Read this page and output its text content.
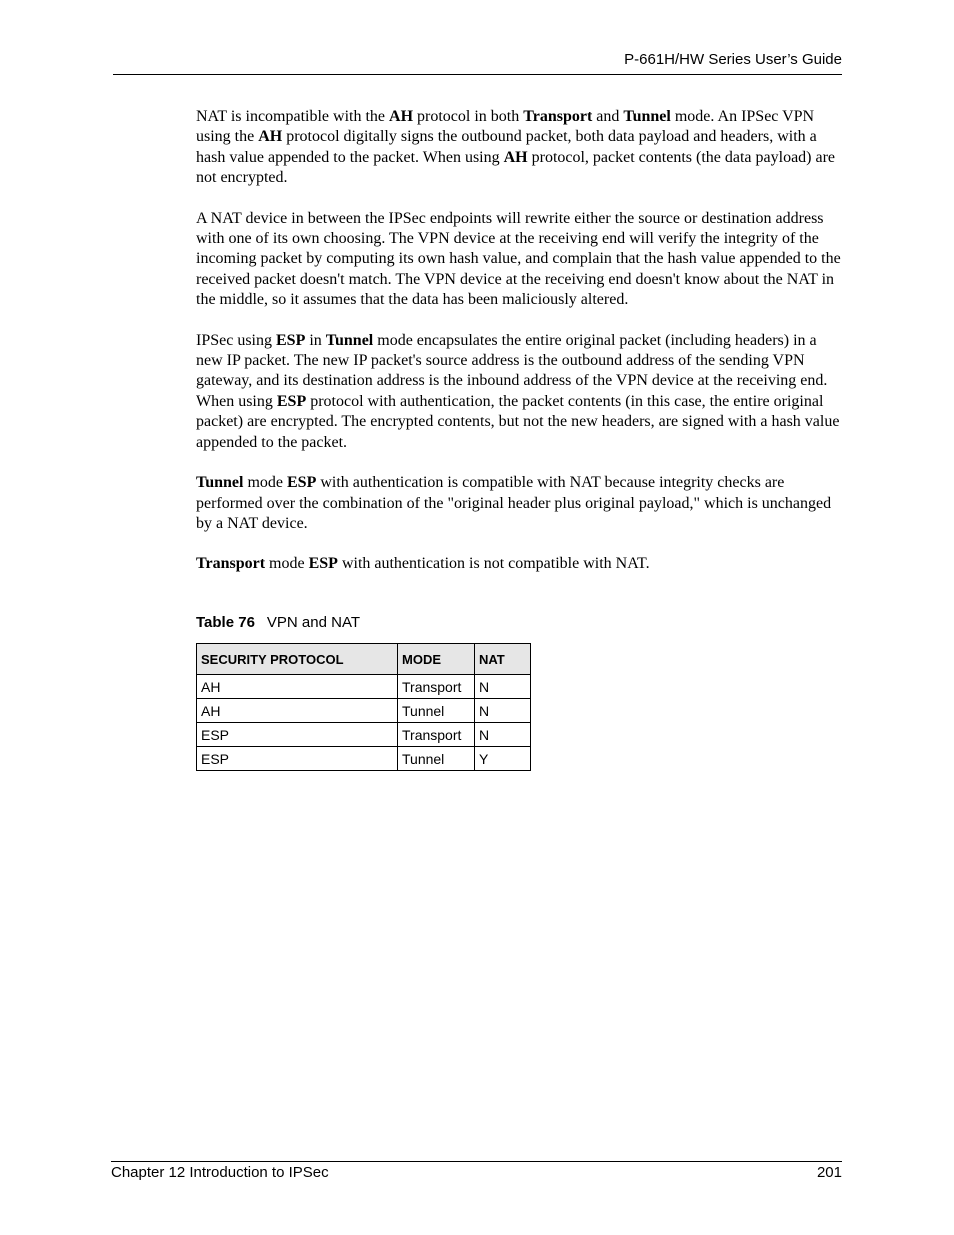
P-661H/HW Series User’s Guide

NAT is incompatible with the AH protocol in both Transport and Tunnel mode. An IPSec VPN using the AH protocol digitally signs the outbound packet, both data payload and headers, with a hash value appended to the packet. When using AH protocol, packet contents (the data payload) are not encrypted.

A NAT device in between the IPSec endpoints will rewrite either the source or destination address with one of its own choosing. The VPN device at the receiving end will verify the integrity of the incoming packet by computing its own hash value, and complain that the hash value appended to the received packet doesn't match. The VPN device at the receiving end doesn't know about the NAT in the middle, so it assumes that the data has been maliciously altered.

IPSec using ESP in Tunnel mode encapsulates the entire original packet (including headers) in a new IP packet. The new IP packet's source address is the outbound address of the sending VPN gateway, and its destination address is the inbound address of the VPN device at the receiving end. When using ESP protocol with authentication, the packet contents (in this case, the entire original packet) are encrypted. The encrypted contents, but not the new headers, are signed with a hash value appended to the packet.

Tunnel mode ESP with authentication is compatible with NAT because integrity checks are performed over the combination of the "original header plus original payload," which is unchanged by a NAT device.

Transport mode ESP with authentication is not compatible with NAT.

Table 76 VPN and NAT
SECURITY PROTOCOL	MODE	NAT
AH	Transport	N
AH	Tunnel	N
ESP	Transport	N
ESP	Tunnel	Y
Chapter 12 Introduction to IPSec	201
